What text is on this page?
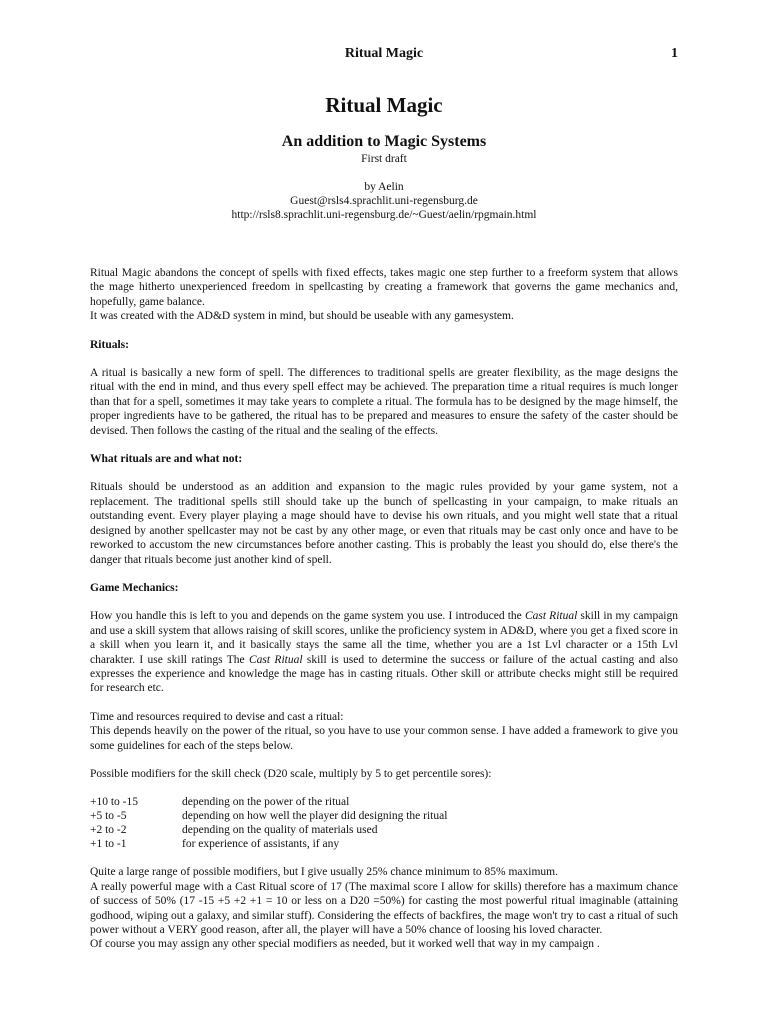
Ritual Magic	1
Ritual Magic
An addition to Magic Systems

First draft

by Aelin

Guest@rsls4.sprachlit.uni-regensburg.de

http://rsls8.sprachlit.uni-regensburg.de/~Guest/aelin/rpgmain.html

Ritual Magic abandons the concept of spells with fixed effects, takes magic one step further to a freeform system that allows the mage hitherto unexperienced freedom in spellcasting by creating a framework that governs the game mechanics and, hopefully, game balance.

It was created with the AD&D system in mind, but should be useable with any gamesystem.

Rituals:

A ritual is basically a new form of spell. The differences to traditional spells are greater flexibility, as the mage designs the ritual with the end in mind, and thus every spell effect may be achieved. The preparation time a ritual requires is much longer than that for a spell, sometimes it may take years to complete a ritual. The formula has to be designed by the mage himself, the proper ingredients have to be gathered, the ritual has to be prepared and measures to ensure the safety of the caster should be devised. Then follows the casting of the ritual and the sealing of the effects.

What rituals are and what not:

Rituals should be understood as an addition and expansion to the magic rules provided by your game system, not a replacement. The traditional spells still should take up the bunch of spellcasting in your campaign, to make rituals an outstanding event. Every player playing a mage should have to devise his own rituals, and you might well state that a ritual designed by another spellcaster may not be cast by any other mage, or even that rituals may be cast only once and have to be reworked to accustom the new circumstances before another casting. This is probably the least you should do, else there's the danger that rituals become just another kind of spell.

Game Mechanics:

How you handle this is left to you and depends on the game system you use. I introduced the Cast Ritual skill in my campaign and use a skill system that allows raising of skill scores, unlike the proficiency system in AD&D, where you get a fixed score in a skill when you learn it, and it basically stays the same all the time, whether you are a 1st Lvl character or a 15th Lvl charakter. I use skill ratings The Cast Ritual skill is used to determine the success or failure of the actual casting and also expresses the experience and knowledge the mage has in casting rituals. Other skill or attribute checks might still be required for research etc.

Time and resources required to devise and cast a ritual:

This depends heavily on the power of the ritual, so you have to use your common sense. I have added a framework to give you some guidelines for each of the steps below.

Possible modifiers for the skill check (D20 scale, multiply by 5 to get percentile sores):

+10 to -15	depending on the power of the ritual
+5 to -5	depending on how well the player did designing the ritual
+2 to -2	depending on the quality of materials used
+1 to -1	for experience of assistants, if any

Quite a large range of possible modifiers, but I give usually 25% chance minimum to 85% maximum.

A really powerful mage with a Cast Ritual score of 17 (The maximal score I allow for skills) therefore has a maximum chance of success of 50% (17 -15 +5 +2 +1 = 10 or less on a D20 =50%) for casting the most powerful ritual imaginable (attaining godhood, wiping out a galaxy, and similar stuff). Considering the effects of backfires, the mage won't try to cast a ritual of such power without a VERY good reason, after all, the player will have a 50% chance of loosing his loved character.

Of course you may assign any other special modifiers as needed, but it worked well that way in my campaign .
